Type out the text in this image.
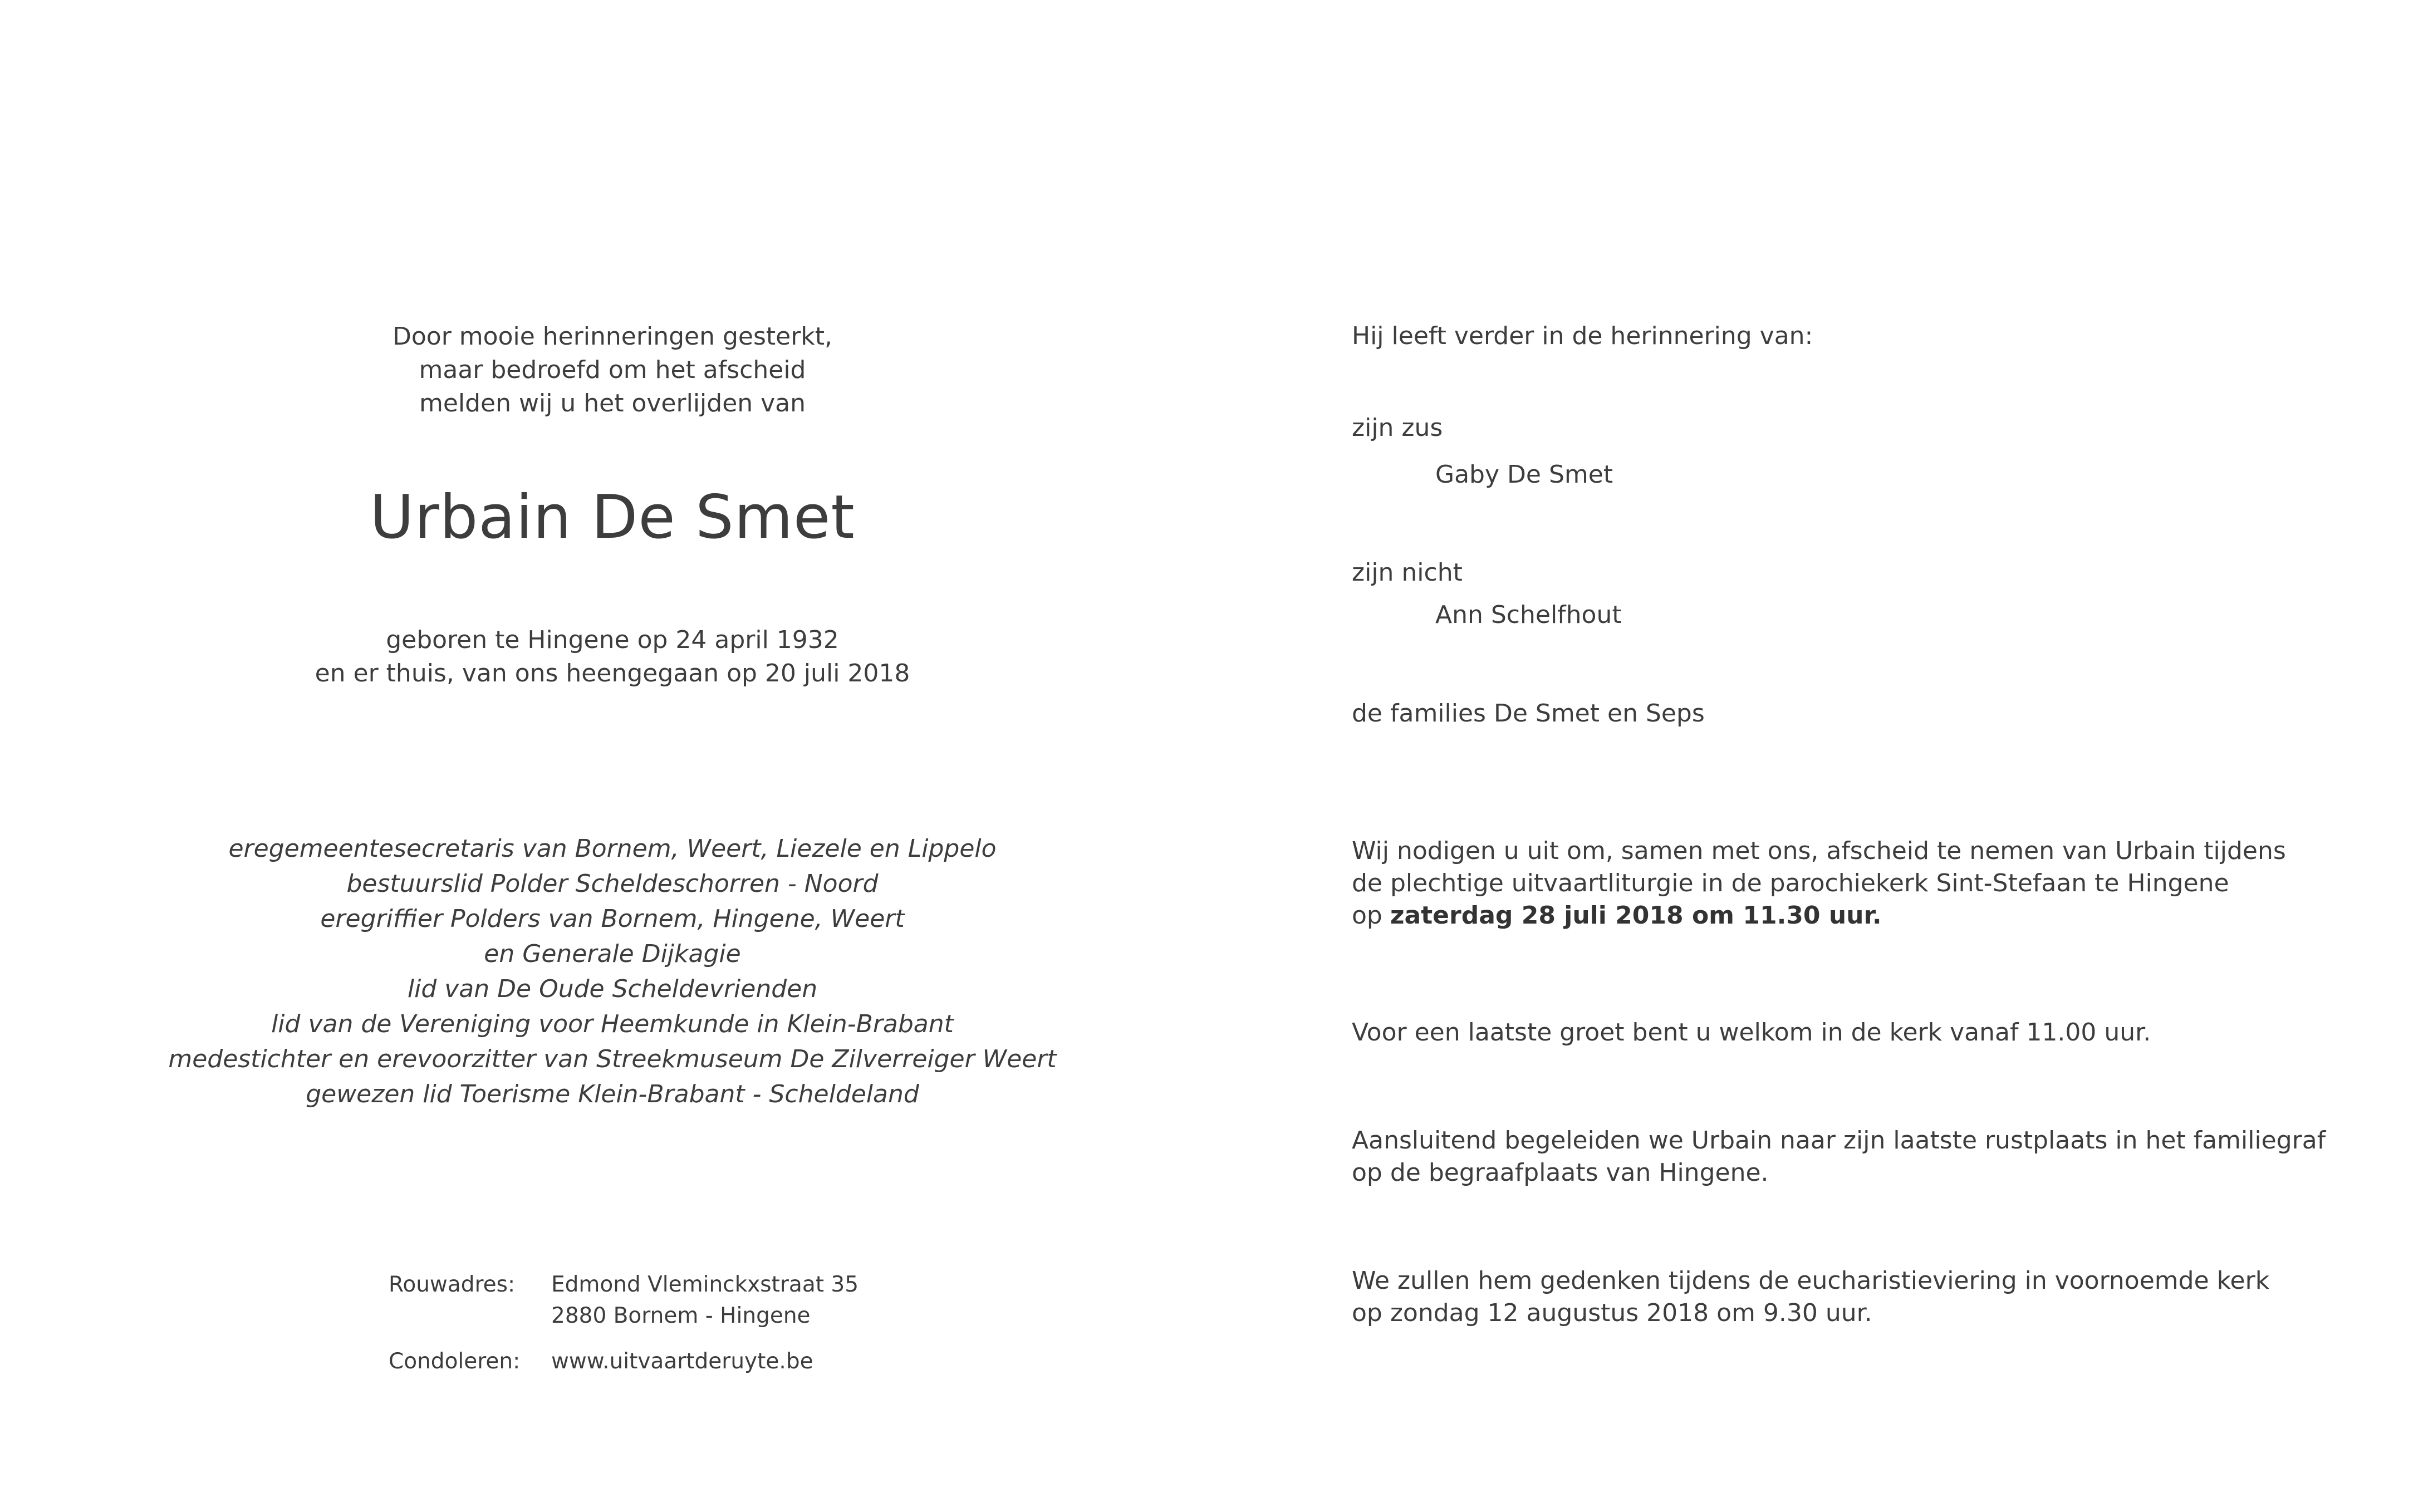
Door mooie herinneringen gesterkt,
maar bedroefd om het afscheid
melden wij u het overlijden van
Urbain De Smet
geboren te Hingene op 24 april 1932
en er thuis, van ons heengegaan op 20 juli 2018
eregemeentesecretaris van Bornem, Weert, Liezele en Lippelo
bestuurslid Polder Scheldeschorren - Noord
eregriffier Polders van Bornem, Hingene, Weert
en Generale Dijkagie
lid van De Oude Scheldevrienden
lid van de Vereniging voor Heemkunde in Klein-Brabant
medestichter en erevoorzitter van Streekmuseum De Zilverreiger Weert
gewezen lid Toerisme Klein-Brabant - Scheldeland
Rouwadres:	Edmond Vleminckxstraat 35
2880 Bornem - Hingene
Condoleren:	www.uitvaartderuyte.be
Hij leeft verder in de herinnering van:
zijn zus
Gaby De Smet
zijn nicht
Ann Schelfhout
de families De Smet en Seps
Wij nodigen u uit om, samen met ons, afscheid te nemen van Urbain tijdens
de plechtige uitvaartliturgie in de parochiekerk Sint-Stefaan te Hingene
op zaterdag 28 juli 2018 om 11.30 uur.
Voor een laatste groet bent u welkom in de kerk vanaf 11.00 uur.
Aansluitend begeleiden we Urbain naar zijn laatste rustplaats in het familiegraf
op de begraafplaats van Hingene.
We zullen hem gedenken tijdens de eucharistieviering in voornoemde kerk
op zondag 12 augustus 2018 om 9.30 uur.
